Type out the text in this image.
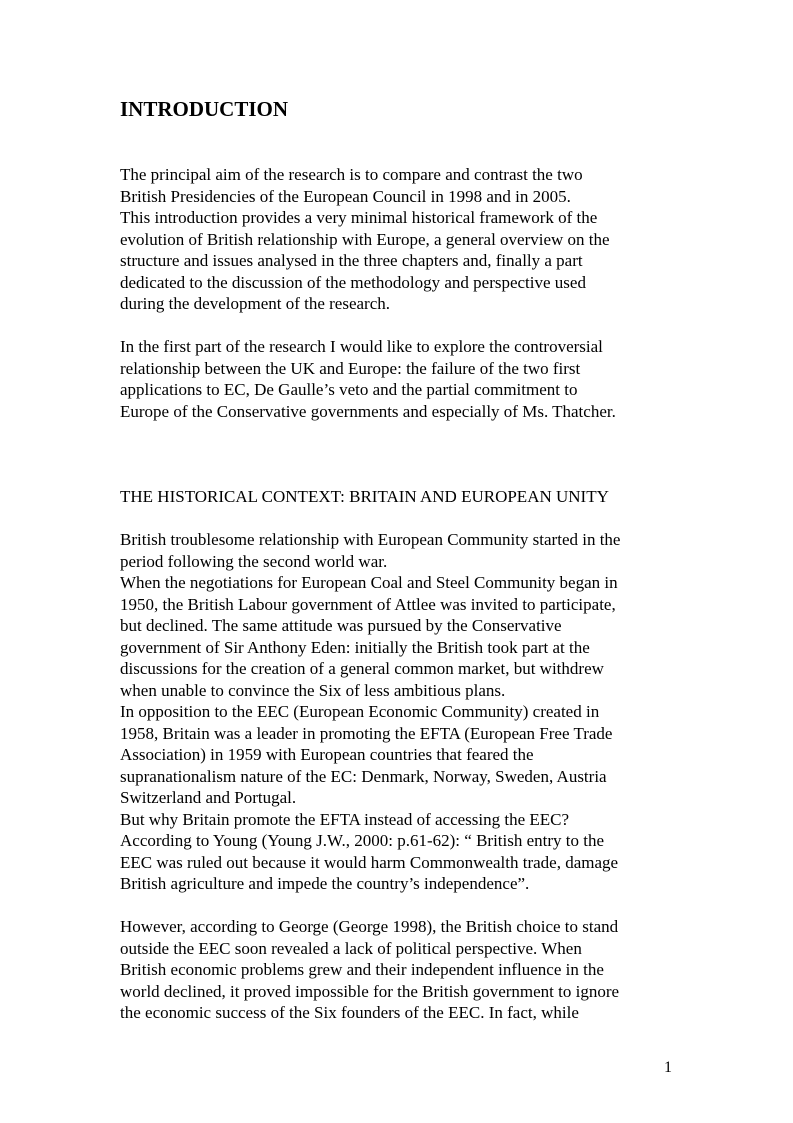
INTRODUCTION
The principal aim of the research is to compare and contrast the two
British Presidencies of the European Council in 1998 and in 2005.
This introduction provides a very minimal historical framework of the
evolution of British relationship with Europe, a general overview on the
structure and issues analysed in the three chapters and, finally a part
dedicated to the discussion of the methodology and perspective used
during the development of the research.
In the first part of the research I would like to explore the controversial
relationship between the UK and Europe: the failure of the two first
applications to EC, De Gaulle’s veto and the partial commitment to
Europe of the Conservative governments and especially of Ms. Thatcher.
THE HISTORICAL CONTEXT: BRITAIN AND EUROPEAN UNITY
British troublesome relationship with European Community started in the
period following the second world war.
When the negotiations for European Coal and Steel Community began in
1950, the British Labour government of Attlee was invited to participate,
but declined. The same attitude was pursued by the Conservative
government of Sir Anthony Eden: initially the British took part at the
discussions for the creation of a general common market, but withdrew
when unable to convince the Six of less ambitious plans.
In opposition to the EEC (European Economic Community) created in
1958, Britain was a leader in promoting the EFTA (European Free Trade
Association) in 1959 with European countries that feared the
supranationalism nature of the EC: Denmark, Norway, Sweden, Austria
Switzerland and Portugal.
But why Britain promote the EFTA instead of accessing the EEC?
According to Young (Young J.W., 2000: p.61-62): “ British entry to the
EEC was ruled out because it would harm Commonwealth trade, damage
British agriculture and impede the country’s independence”.
However, according to George (George 1998), the British choice to stand
outside the EEC soon revealed a lack of political perspective. When
British economic problems grew and their independent influence in the
world declined, it proved impossible for the British government to ignore
the economic success of the Six founders of the EEC. In fact, while
1
